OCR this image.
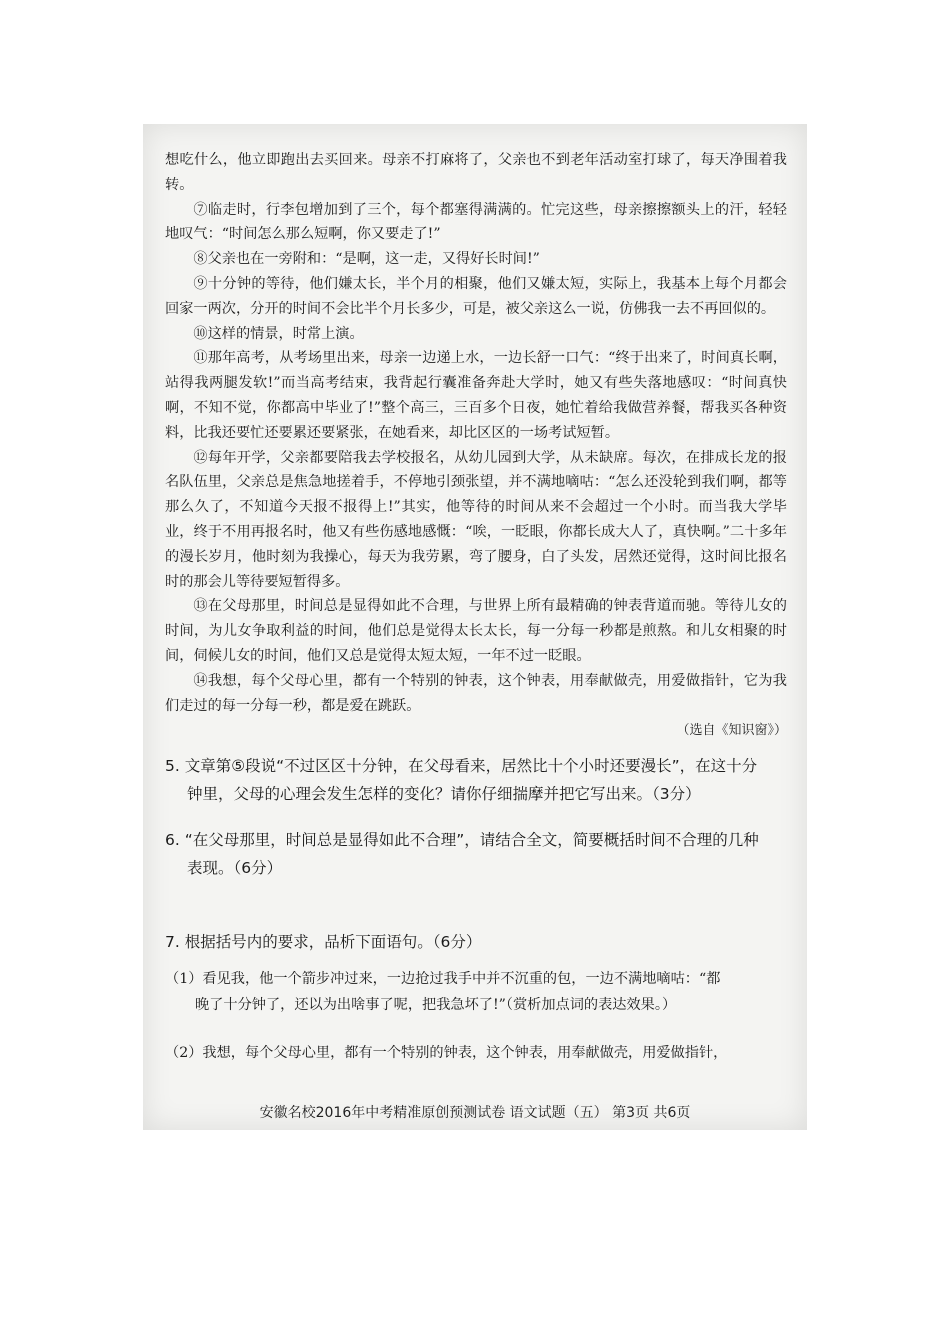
想吃什么，他立即跑出去买回来。母亲不打麻将了，父亲也不到老年活动室打球了，每天净围着我转。

⑦临走时，行李包增加到了三个，每个都塞得满满的。忙完这些，母亲擦擦额头上的汗，轻轻地叹气：“时间怎么那么短啊，你又要走了!”

⑧父亲也在一旁附和：“是啊，这一走，又得好长时间!”

⑨十分钟的等待，他们嫌太长，半个月的相聚，他们又嫌太短，实际上，我基本上每个月都会回家一两次，分开的时间不会比半个月长多少，可是，被父亲这么一说，仿佛我一去不再回似的。

⑩这样的情景，时常上演。

⑪那年高考，从考场里出来，母亲一边递上水，一边长舒一口气：“终于出来了，时间真长啊，站得我两腿发软!”而当高考结束，我背起行囊准备奔赴大学时，她又有些失落地感叹：“时间真快啊，不知不觉，你都高中毕业了!”整个高三，三百多个日夜，她忙着给我做营养餐，帮我买各种资料，比我还要忙还要累还要紧张，在她看来，却比区区的一场考试短暂。

⑫每年开学，父亲都要陪我去学校报名，从幼儿园到大学，从未缺席。每次，在排成长龙的报名队伍里，父亲总是焦急地搓着手，不停地引颈张望，并不满地嘀咕：“怎么还没轮到我们啊，都等那么久了，不知道今天报不报得上!”其实，他等待的时间从来不会超过一个小时。而当我大学毕业，终于不用再报名时，他又有些伤感地感慨：“唉，一眨眼，你都长成大人了，真快啊。”二十多年的漫长岁月，他时刻为我操心，每天为我劳累，弯了腰身，白了头发，居然还觉得，这时间比报名时的那会儿等待要短暂得多。

⑬在父母那里，时间总是显得如此不合理，与世界上所有最精确的钟表背道而驰。等待儿女的时间，为儿女争取利益的时间，他们总是觉得太长太长，每一分每一秒都是煎熬。和儿女相聚的时间，伺候儿女的时间，他们又总是觉得太短太短，一年不过一眨眼。

⑭我想，每个父母心里，都有一个特别的钟表，这个钟表，用奉献做壳，用爱做指针，它为我们走过的每一分每一秒，都是爱在跳跃。

（选自《知识窗》）
5. 文章第⑤段说“不过区区十分钟，在父母看来，居然比十个小时还要漫长”，在这十分
钟里，父母的心理会发生怎样的变化？请你仔细揣摩并把它写出来。（3分）
6. “在父母那里，时间总是显得如此不合理”，请结合全文，简要概括时间不合理的几种
表现。（6分）
7. 根据括号内的要求，品析下面语句。（6分）
（1）看见我，他一个箭步冲过来，一边抢过我手中并不沉重的包，一边不满地嘀咕：“都
晚了十分钟了，还以为出啥事了呢，把我急坏了!”（赏析加点词的表达效果。）
（2）我想，每个父母心里，都有一个特别的钟表，这个钟表，用奉献做壳，用爱做指针，
安徽名校2016年中考精准原创预测试卷 语文试题（五） 第3页 共6页
